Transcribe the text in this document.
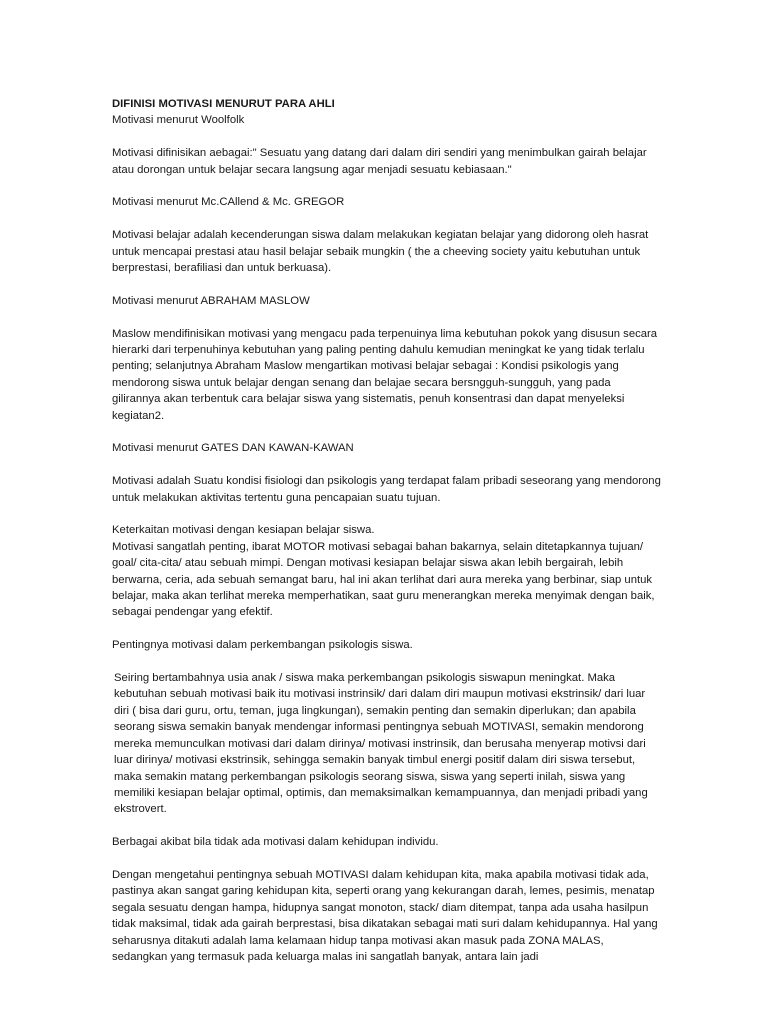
DIFINISI MOTIVASI MENURUT PARA AHLI

Motivasi menurut Woolfolk

Motivasi difinisikan aebagai:" Sesuatu yang datang dari dalam diri sendiri yang menimbulkan gairah belajar atau dorongan untuk belajar secara langsung agar menjadi sesuatu kebiasaan."

Motivasi menurut Mc.CAllend & Mc. GREGOR

Motivasi belajar adalah kecenderungan siswa dalam melakukan kegiatan belajar yang didorong oleh hasrat untuk mencapai prestasi atau hasil belajar sebaik mungkin ( the a cheeving society yaitu kebutuhan untuk berprestasi, berafiliasi dan untuk berkuasa).

Motivasi menurut ABRAHAM MASLOW

Maslow mendifinisikan motivasi yang mengacu pada terpenuinya lima kebutuhan pokok yang disusun secara hierarki dari terpenuhinya kebutuhan yang paling penting dahulu kemudian meningkat ke yang tidak terlalu penting; selanjutnya Abraham Maslow mengartikan motivasi belajar sebagai : Kondisi psikologis yang mendorong siswa untuk belajar dengan senang dan belajae secara bersngguh-sungguh, yang pada gilirannya akan terbentuk cara belajar siswa yang sistematis, penuh konsentrasi dan dapat menyeleksi kegiatan2.

Motivasi menurut GATES DAN KAWAN-KAWAN

Motivasi adalah Suatu kondisi fisiologi dan psikologis yang terdapat falam pribadi seseorang yang mendorong untuk melakukan aktivitas tertentu guna pencapaian suatu tujuan.

Keterkaitan motivasi dengan kesiapan belajar siswa.

Motivasi sangatlah penting, ibarat MOTOR motivasi sebagai bahan bakarnya, selain ditetapkannya tujuan/ goal/ cita-cita/ atau sebuah mimpi. Dengan motivasi kesiapan belajar siswa akan lebih bergairah, lebih berwarna, ceria, ada sebuah semangat baru, hal ini akan terlihat dari aura mereka yang berbinar, siap untuk belajar, maka akan terlihat mereka memperhatikan, saat guru menerangkan mereka menyimak dengan baik, sebagai pendengar yang efektif.

Pentingnya motivasi dalam perkembangan psikologis siswa.

Seiring bertambahnya usia anak / siswa maka perkembangan psikologis siswapun meningkat. Maka kebutuhan sebuah motivasi baik itu motivasi instrinsik/ dari dalam diri maupun motivasi ekstrinsik/ dari luar diri ( bisa dari guru, ortu, teman, juga lingkungan), semakin penting dan semakin diperlukan; dan apabila seorang siswa semakin banyak mendengar informasi pentingnya sebuah MOTIVASI, semakin mendorong mereka memunculkan motivasi dari dalam dirinya/ motivasi instrinsik, dan berusaha menyerap motivsi dari luar dirinya/ motivasi ekstrinsik, sehingga semakin banyak timbul energi positif dalam diri siswa tersebut, maka semakin matang perkembangan psikologis seorang siswa, siswa yang seperti inilah, siswa yang memiliki kesiapan belajar optimal, optimis, dan memaksimalkan kemampuannya, dan menjadi pribadi yang ekstrovert.

Berbagai akibat bila tidak ada motivasi dalam kehidupan individu.

Dengan mengetahui pentingnya sebuah MOTIVASI dalam kehidupan kita, maka apabila motivasi tidak ada, pastinya akan sangat garing kehidupan kita, seperti orang yang kekurangan darah, lemes, pesimis, menatap segala sesuatu dengan hampa, hidupnya sangat monoton, stack/ diam ditempat, tanpa ada usaha hasilpun tidak maksimal, tidak ada gairah berprestasi, bisa dikatakan sebagai mati suri dalam kehidupannya. Hal yang seharusnya ditakuti adalah lama kelamaan hidup tanpa motivasi akan masuk pada ZONA MALAS, sedangkan yang termasuk pada keluarga malas ini sangatlah banyak, antara lain jadi
